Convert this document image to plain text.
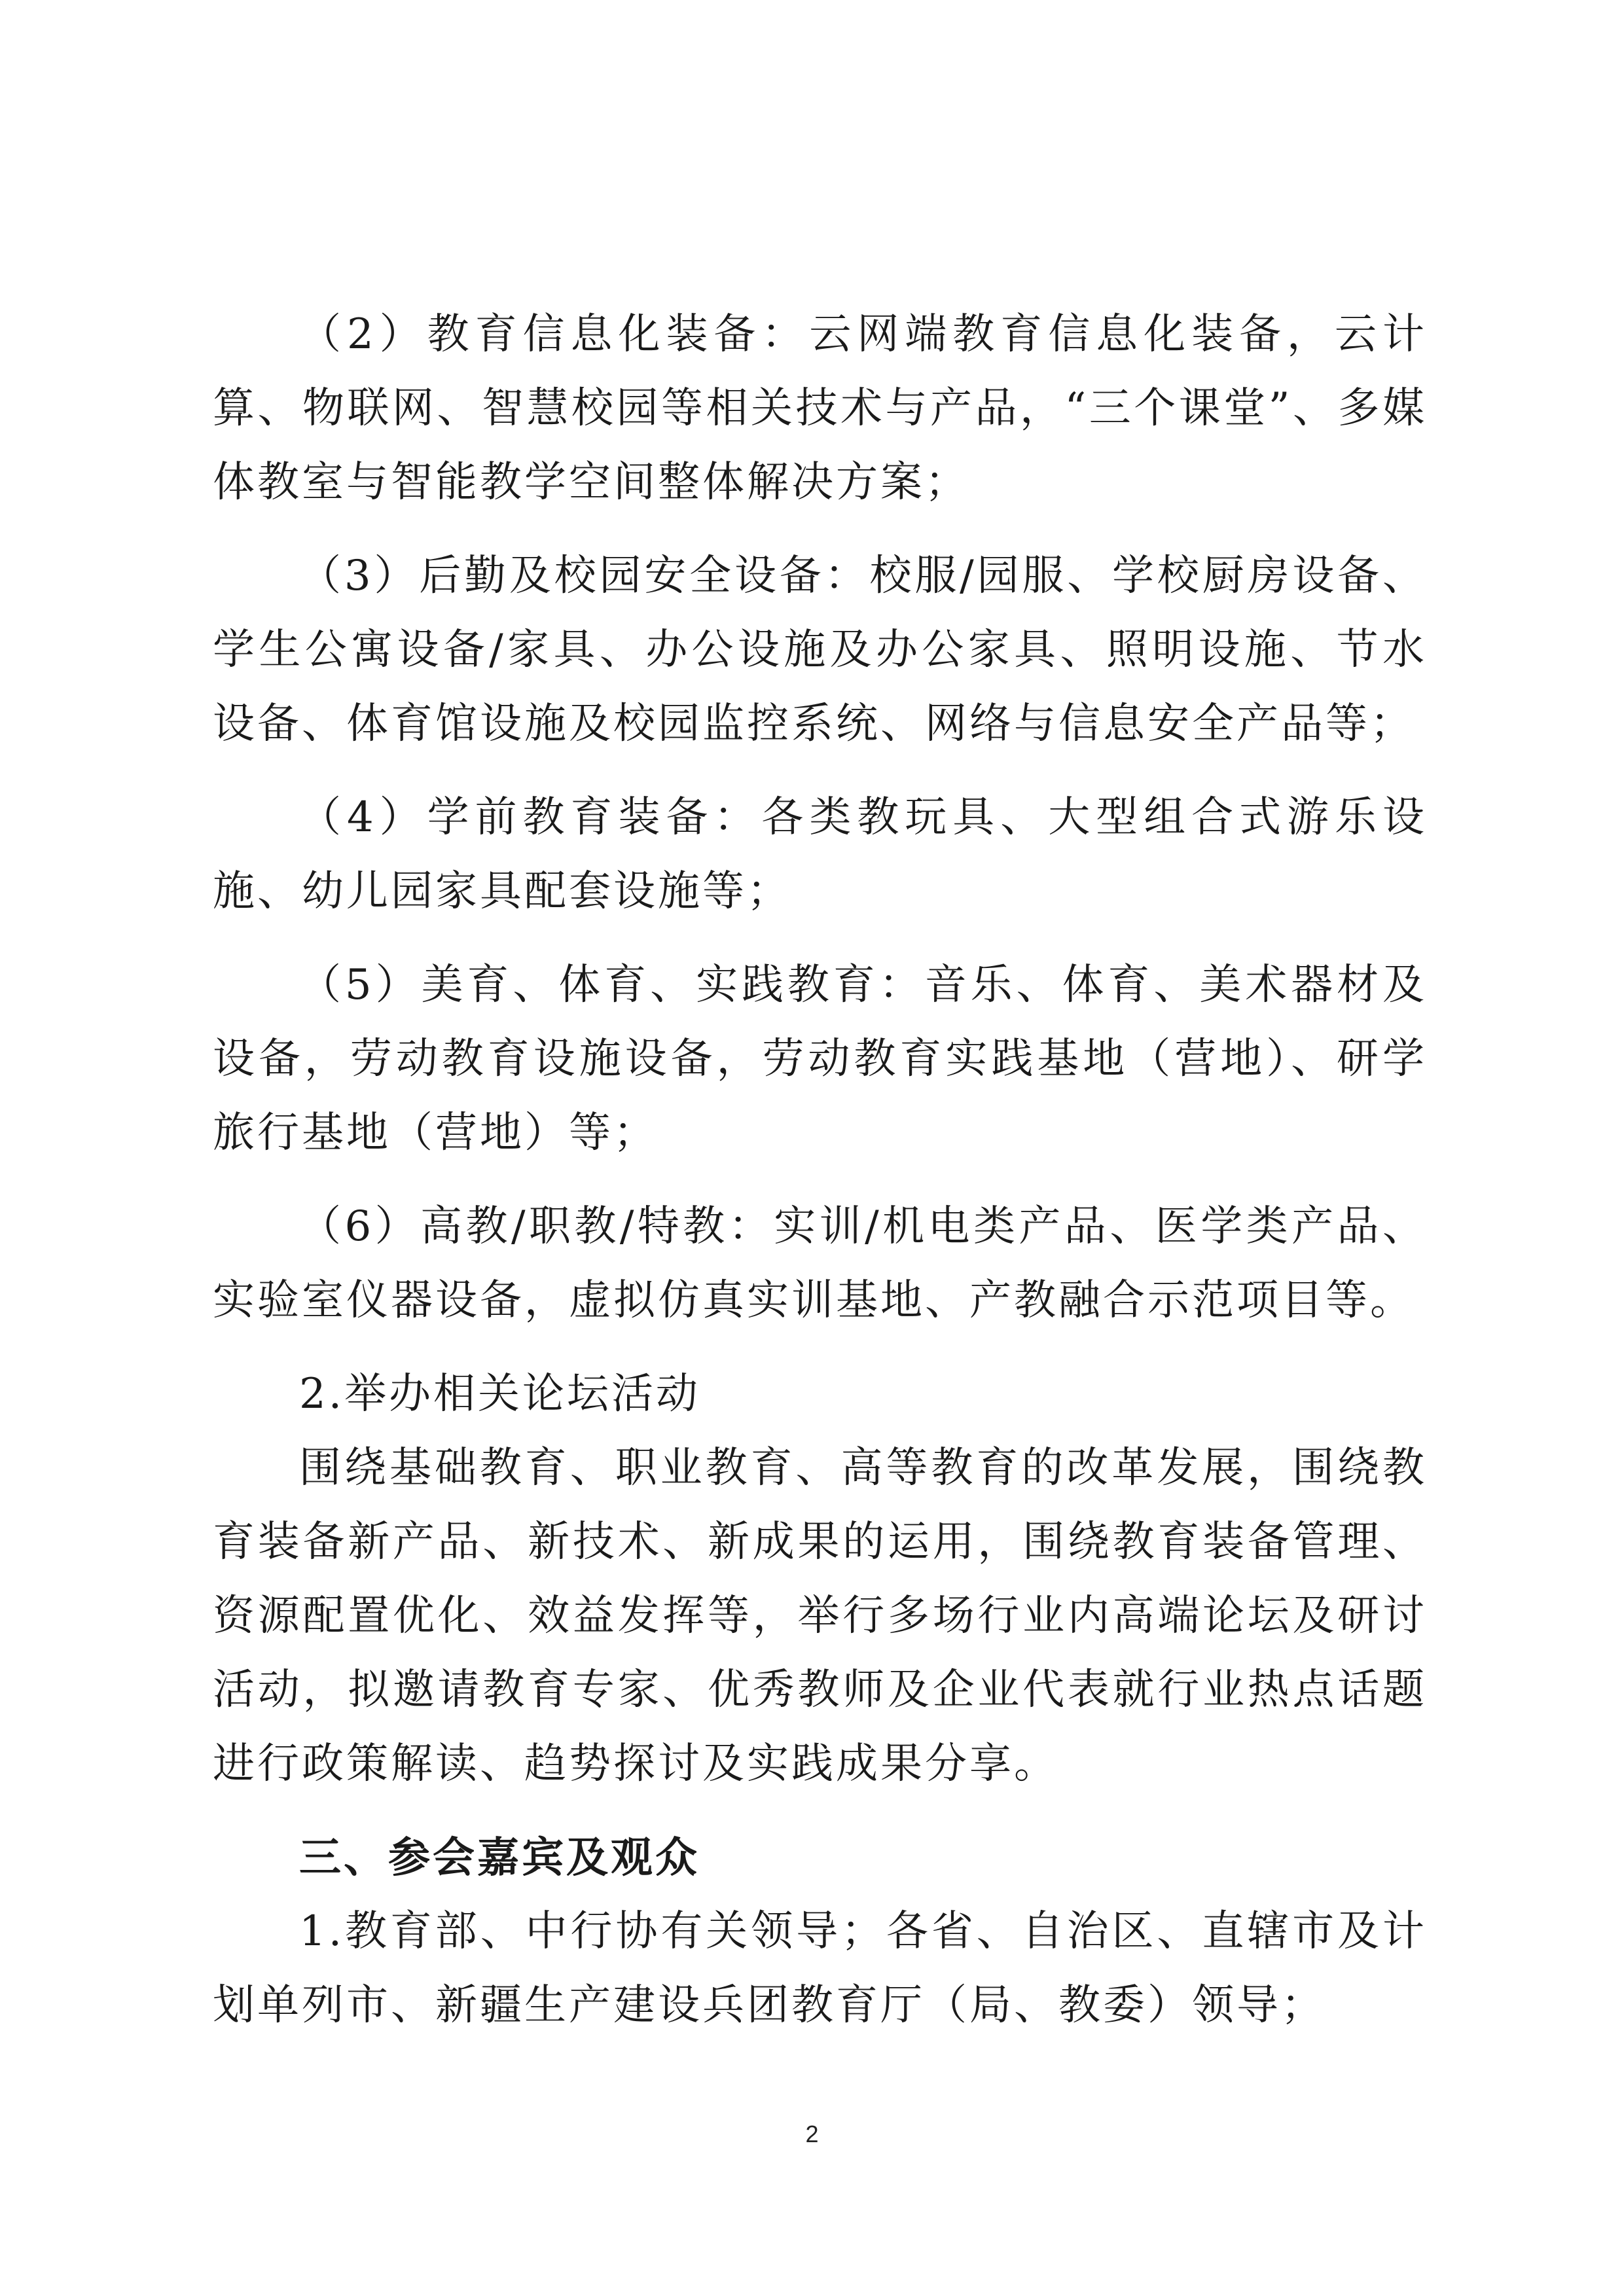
（2）教育信息化装备：云网端教育信息化装备，云计算、物联网、智慧校园等相关技术与产品，“三个课堂”、多媒体教室与智能教学空间整体解决方案；

（3）后勤及校园安全设备：校服/园服、学校厨房设备、学生公寓设备/家具、办公设施及办公家具、照明设施、节水设备、体育馆设施及校园监控系统、网络与信息安全产品等；

（4）学前教育装备：各类教玩具、大型组合式游乐设施、幼儿园家具配套设施等；

（5）美育、体育、实践教育：音乐、体育、美术器材及设备，劳动教育设施设备，劳动教育实践基地（营地）、研学旅行基地（营地）等；

（6）高教/职教/特教：实训/机电类产品、医学类产品、实验室仪器设备，虚拟仿真实训基地、产教融合示范项目等。

2.举办相关论坛活动

围绕基础教育、职业教育、高等教育的改革发展，围绕教育装备新产品、新技术、新成果的运用，围绕教育装备管理、资源配置优化、效益发挥等，举行多场行业内高端论坛及研讨活动，拟邀请教育专家、优秀教师及企业代表就行业热点话题进行政策解读、趋势探讨及实践成果分享。

三、参会嘉宾及观众

1.教育部、中行协有关领导；各省、自治区、直辖市及计划单列市、新疆生产建设兵团教育厅（局、教委）领导；

2
